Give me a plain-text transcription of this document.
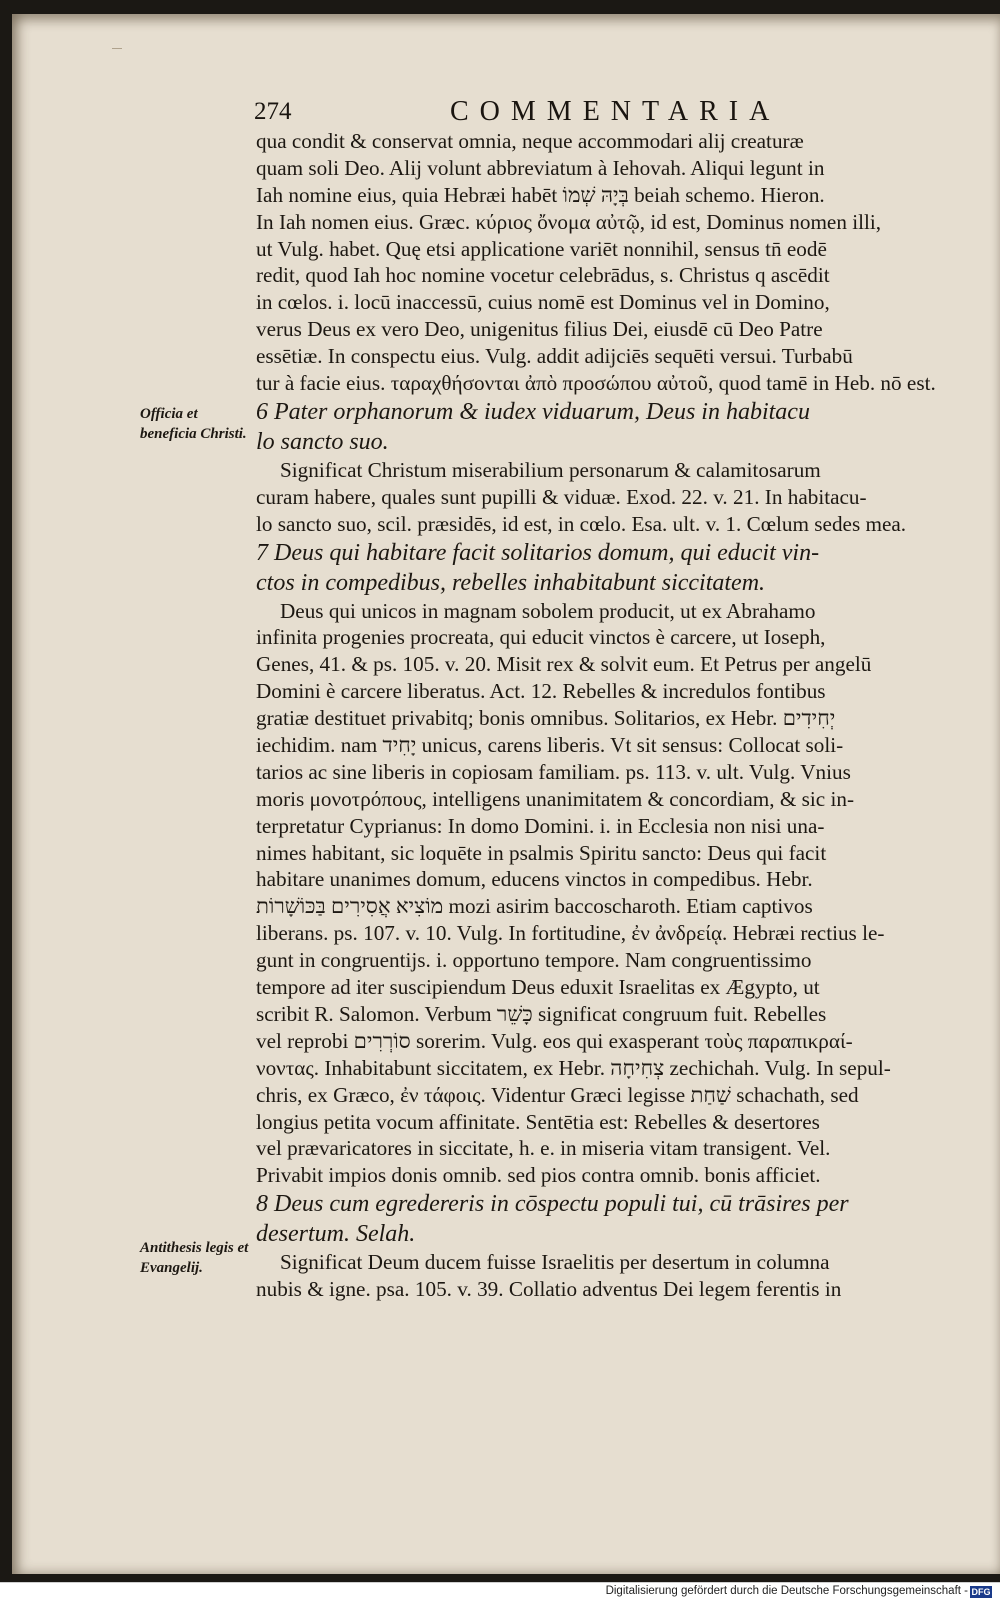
274	COMMENTARIA
Officia et beneficia Christi.
Antithesis legis et Evangelij.
qua condit & conservat omnia, neque accommodari alij creaturæ
quam soli Deo. Alij volunt abbreviatum à Iehovah. Aliqui legunt in
Iah nomine eius, quia Hebræi habēt בְּיָהּ שְׁמוֹ beiah schemo. Hieron.
In Iah nomen eius. Græc. κύριος ὄνομα αὐτῷ, id est, Dominus nomen illi,
ut Vulg. habet. Quę etsi applicatione variēt nonnihil, sensus tn̄ eodē
redit, quod Iah hoc nomine vocetur celebrādus, s. Christus q ascēdit
in cœlos. i. locū inaccessū, cuius nomē est Dominus vel in Domino,
verus Deus ex vero Deo, unigenitus filius Dei, eiusdē cū Deo Patre
essētiæ. In conspectu eius. Vulg. addit adijciēs sequēti versui. Turbabū
tur à facie eius. ταραχθήσονται ἀπὸ προσώπου αὐτοῦ, quod tamē in Heb. nō est.
6 Pater orphanorum & iudex viduarum, Deus in habitacu
lo sancto suo.
Significat Christum miserabilium personarum & calamitosarum
curam habere, quales sunt pupilli & viduæ. Exod. 22. v. 21. In habitacu-
lo sancto suo, scil. præsidēs, id est, in cœlo. Esa. ult. v. 1. Cœlum sedes mea.
7 Deus qui habitare facit solitarios domum, qui educit vin-
ctos in compedibus, rebelles inhabitabunt siccitatem.
Deus qui unicos in magnam sobolem producit, ut ex Abrahamo
infinita progenies procreata, qui educit vinctos è carcere, ut Ioseph,
Genes, 41. & ps. 105. v. 20. Misit rex & solvit eum. Et Petrus per angelū
Domini è carcere liberatus. Act. 12. Rebelles & incredulos fontibus
gratiæ destituet privabitq; bonis omnibus. Solitarios, ex Hebr. יְחִידִים
iechidim. nam יָחִיד unicus, carens liberis. Vt sit sensus: Collocat soli-
tarios ac sine liberis in copiosam familiam. ps. 113. v. ult. Vulg. Vnius
moris μονοτρόπους, intelligens unanimitatem & concordiam, & sic in-
terpretatur Cyprianus: In domo Domini. i. in Ecclesia non nisi una-
nimes habitant, sic loquēte in psalmis Spiritu sancto: Deus qui facit
habitare unanimes domum, educens vinctos in compedibus. Hebr.
מוֹצִיא אֲסִירִים בַּכּוֹשָׁרוֹת mozi asirim baccoscharoth. Etiam captivos
liberans. ps. 107. v. 10. Vulg. In fortitudine, ἐν ἀνδρείᾳ. Hebræi rectius le-
gunt in congruentijs. i. opportuno tempore. Nam congruentissimo
tempore ad iter suscipiendum Deus eduxit Israelitas ex Ægypto, ut
scribit R. Salomon. Verbum כָּשֵׁר significat congruum fuit. Rebelles
vel reprobi סוֹרְרִים sorerim. Vulg. eos qui exasperant τοὺς παραπικραί-
νοντας. Inhabitabunt siccitatem, ex Hebr. צְחִיחָה zechichah. Vulg. In sepul-
chris, ex Græco, ἐν τάφοις. Videntur Græci legisse שַׁחַת schachath, sed
longius petita vocum affinitate. Sentētia est: Rebelles & desertores
vel prævaricatores in siccitate, h. e. in miseria vitam transigent. Vel.
Privabit impios donis omnib. sed pios contra omnib. bonis afficiet.
8 Deus cum egredereris in cōspectu populi tui, cū trāsires per
desertum. Selah.
Significat Deum ducem fuisse Israelitis per desertum in columna
nubis & igne. psa. 105. v. 39. Collatio adventus Dei legem ferentis in
Digitalisierung gefördert durch die Deutsche Forschungsgemeinschaft - DFG
